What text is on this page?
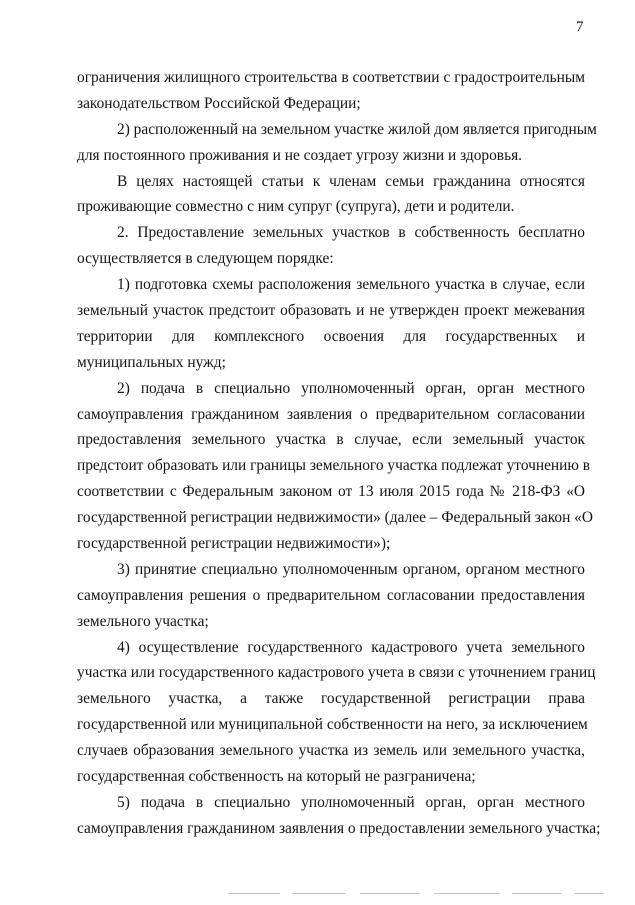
7
ограничения жилищного строительства в соответствии с градостроительным
законодательством Российской Федерации;
2) расположенный на земельном участке жилой дом является пригодным
для постоянного проживания и не создает угрозу жизни и здоровья.
В целях настоящей статьи к членам семьи гражданина относятся
проживающие совместно с ним супруг (супруга), дети и родители.
2. Предоставление земельных участков в собственность бесплатно
осуществляется в следующем порядке:
1) подготовка схемы расположения земельного участка в случае, если
земельный участок предстоит образовать и не утвержден проект межевания
территории для комплексного освоения для государственных и
муниципальных нужд;
2) подача в специально уполномоченный орган, орган местного
самоуправления гражданином заявления о предварительном согласовании
предоставления земельного участка в случае, если земельный участок
предстоит образовать или границы земельного участка подлежат уточнению в
соответствии с Федеральным законом от 13 июля 2015 года № 218-ФЗ «О
государственной регистрации недвижимости» (далее – Федеральный закон «О
государственной регистрации недвижимости»);
3) принятие специально уполномоченным органом, органом местного
самоуправления решения о предварительном согласовании предоставления
земельного участка;
4) осуществление государственного кадастрового учета земельного
участка или государственного кадастрового учета в связи с уточнением границ
земельного участка, а также государственной регистрации права
государственной или муниципальной собственности на него, за исключением
случаев образования земельного участка из земель или земельного участка,
государственная собственность на который не разграничена;
5) подача в специально уполномоченный орган, орган местного
самоуправления гражданином заявления о предоставлении земельного участка;
